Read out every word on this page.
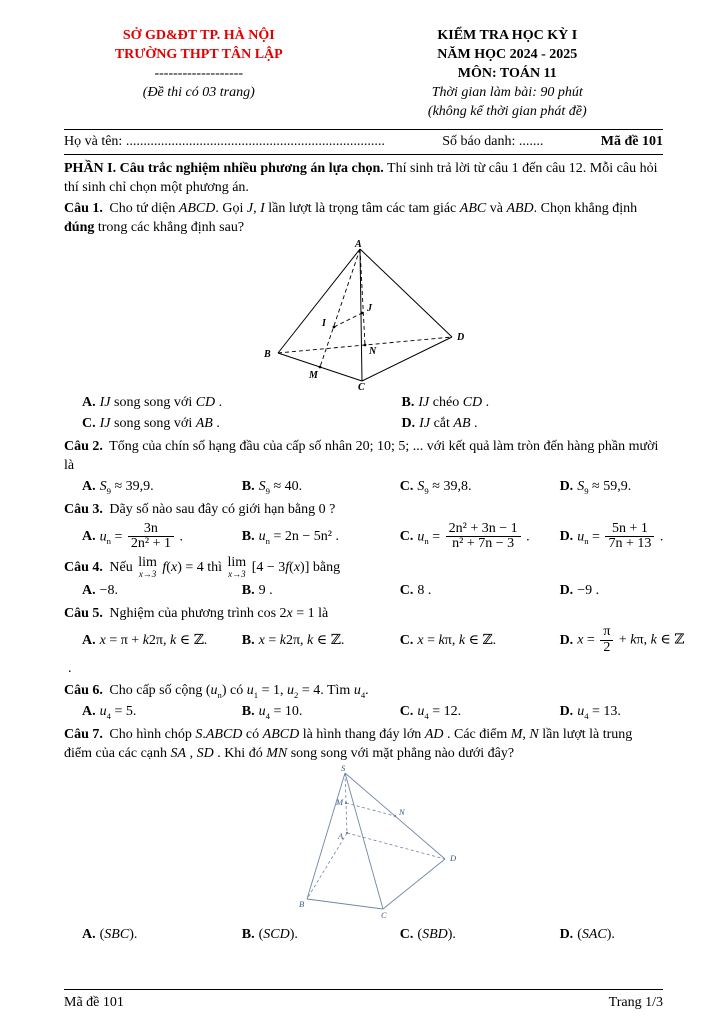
SỞ GD&ĐT TP. HÀ NỘI
TRƯỜNG THPT TÂN LẬP
-------------------
(Đề thi có 03 trang)
KIỂM TRA HỌC KỲ I
NĂM HỌC 2024 - 2025
MÔN: TOÁN 11
Thời gian làm bài: 90 phút
(không kể thời gian phát đề)
Họ và tên: ..........................................................................	Số báo danh: .......	Mã đề 101

PHẦN I. Câu trắc nghiệm nhiều phương án lựa chọn. Thí sinh trả lời từ câu 1 đến câu 12. Mỗi câu hỏi thí sinh chỉ chọn một phương án.

Câu 1. Cho tứ diện ABCD. Gọi J, I lần lượt là trọng tâm các tam giác ABC và ABD. Chọn khẳng định đúng trong các khẳng định sau?

A
B
C
D
I
J
M
N
A. IJ song song với CD .	B. IJ chéo CD .
C. IJ song song với AB .	D. IJ cắt AB .

Câu 2. Tổng của chín số hạng đầu của cấp số nhân 20; 10; 5; ... với kết quả làm tròn đến hàng phần mười là

A. $S_9 \approx 39,9$.	B. $S_9 \approx 40$.	C. $S_9 \approx 39,8$.	D. $S_9 \approx 59,9$.

Câu 3. Dãy số nào sau đây có giới hạn bằng 0 ?

A. $u_n = \frac{3n}{\text{2n² + 1}}$ .	B. $u_n = 2n - 5n^2$ .	C. $u_n = \frac{\text{2n² + 3n − 1}}{\text{n² + 7n − 3}}$ . D. $u_n = \frac{5n + 1}{7n + 13}$ .

Câu 4. Nếu lim
x→3 f(x) = 4 thì lim
x→3 [4 − 3f(x)] bằng

A. −8.	B. 9 .	C. 8 .	D. −9 .

Câu 5. Nghiệm của phương trình cos 2x = 1 là

A. x = π + k2π, k ∈ ℤ. B. x = k2π, k ∈ ℤ.	C. x = kπ, k ∈ ℤ.	D. $x = \frac{\pi}{2} + k\pi$, k ∈ ℤ

.

Câu 6. Cho cấp số cộng $(u_n)$ có $u_1 = 1$, $u_2 = 4$. Tìm $u_4$.

A. $u_4 = 5$.	B. $u_4 = 10$.	C. $u_4 = 12$.	D. $u_4 = 13$.

Câu 7. Cho hình chóp S.ABCD có ABCD là hình thang đáy lớn AD . Các điểm M, N lần lượt là trung điểm của các cạnh SA , SD . Khi đó MN song song với mặt phẳng nào dưới đây?

S
M
N
A
B
C
D
A. (SBC).	B. (SCD).	C. (SBD).	D. (SAC).
Mã đề 101	Trang 1/3
